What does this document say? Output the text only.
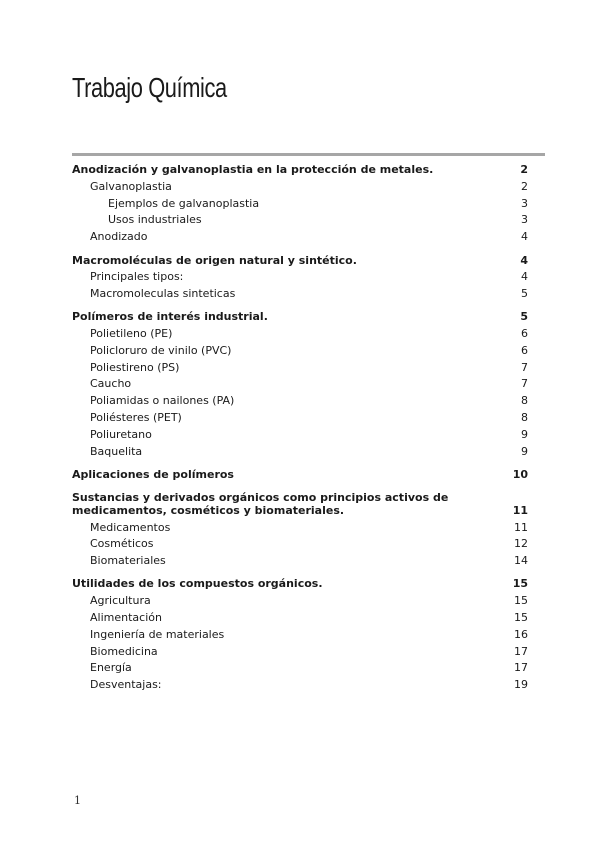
Trabajo Química
Anodización y galvanoplastia en la protección de metales.	2
Galvanoplastia	2
Ejemplos de galvanoplastia	3
Usos industriales	3
Anodizado	4
Macromoléculas de origen natural y sintético.	4
Principales tipos:	4
Macromoleculas sinteticas	5
Polímeros de interés industrial.	5
Polietileno (PE)	6
Policloruro de vinilo (PVC)	6
Poliestireno (PS)	7
Caucho	7
Poliamidas o nailones (PA)	8
Poliésteres (PET)	8
Poliuretano	9
Baquelita	9
Aplicaciones de polímeros	10
Sustancias y derivados orgánicos como principios activos de medicamentos, cosméticos y biomateriales.	11
Medicamentos	11
Cosméticos	12
Biomateriales	14
Utilidades de los compuestos orgánicos.	15
Agricultura	15
Alimentación	15
Ingeniería de materiales	16
Biomedicina	17
Energía	17
Desventajas:	19
1
